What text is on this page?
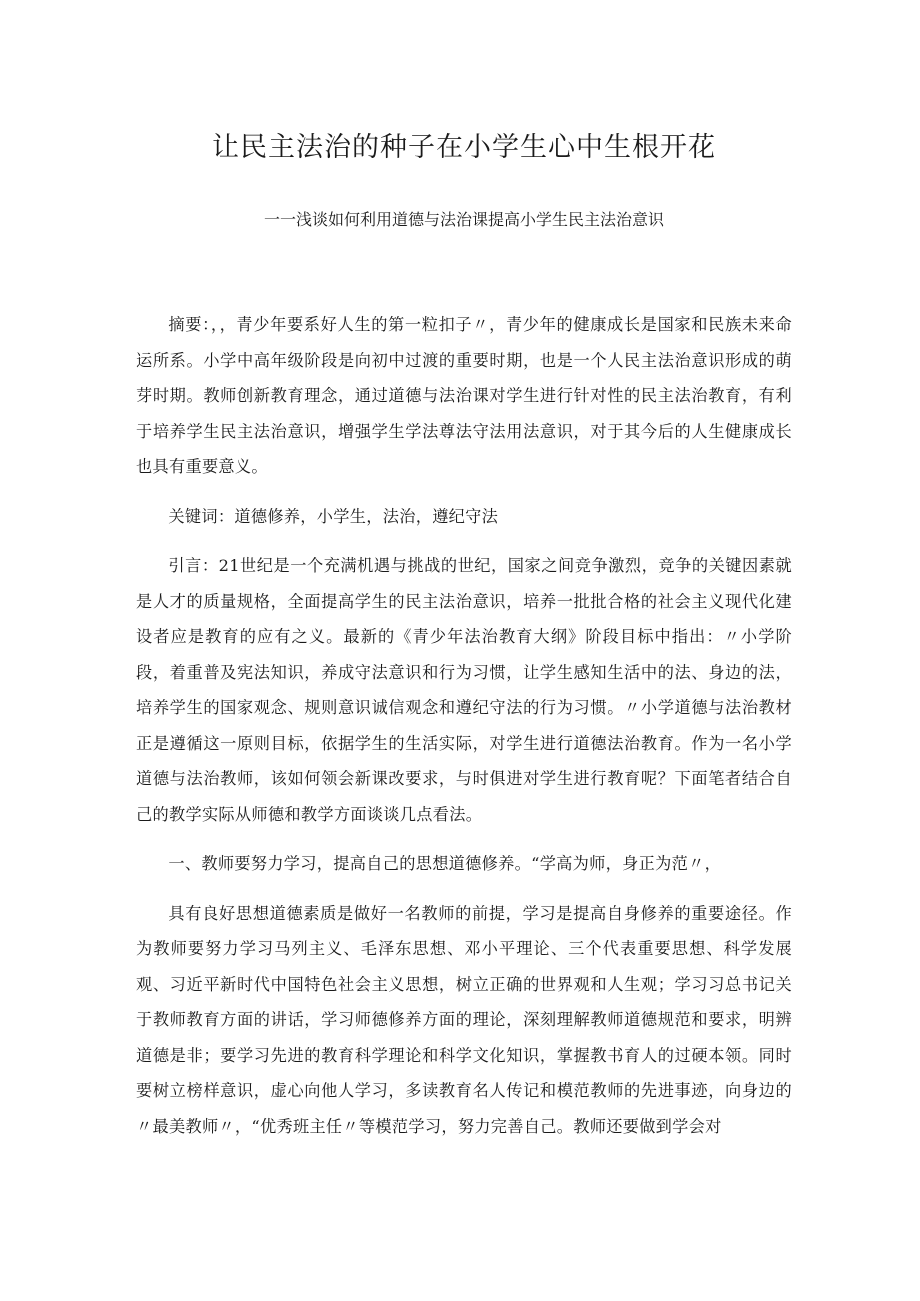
让民主法治的种子在小学生心中生根开花

一一浅谈如何利用道德与法治课提高小学生民主法治意识

摘要：，，青少年要系好人生的第一粒扣子〃，青少年的健康成长是国家和民族未来命运所系。小学中高年级阶段是向初中过渡的重要时期，也是一个人民主法治意识形成的萌芽时期。教师创新教育理念，通过道德与法治课对学生进行针对性的民主法治教育，有利于培养学生民主法治意识，增强学生学法尊法守法用法意识，对于其今后的人生健康成长也具有重要意义。

关键词：道德修养，小学生，法治，遵纪守法

引言：21世纪是一个充满机遇与挑战的世纪，国家之间竞争激烈，竞争的关键因素就是人才的质量规格，全面提高学生的民主法治意识，培养一批批合格的社会主义现代化建设者应是教育的应有之义。最新的《青少年法治教育大纲》阶段目标中指出：〃小学阶段，着重普及宪法知识，养成守法意识和行为习惯，让学生感知生活中的法、身边的法，培养学生的国家观念、规则意识诚信观念和遵纪守法的行为习惯。〃小学道德与法治教材正是遵循这一原则目标，依据学生的生活实际，对学生进行道德法治教育。作为一名小学道德与法治教师，该如何领会新课改要求，与时俱进对学生进行教育呢？下面笔者结合自己的教学实际从师德和教学方面谈谈几点看法。

一、教师要努力学习，提高自己的思想道德修养。“学高为师，身正为范〃，

具有良好思想道德素质是做好一名教师的前提，学习是提高自身修养的重要途径。作为教师要努力学习马列主义、毛泽东思想、邓小平理论、三个代表重要思想、科学发展观、习近平新时代中国特色社会主义思想，树立正确的世界观和人生观；学习习总书记关于教师教育方面的讲话，学习师德修养方面的理论，深刻理解教师道德规范和要求，明辨道德是非；要学习先进的教育科学理论和科学文化知识，掌握教书育人的过硬本领。同时要树立榜样意识，虚心向他人学习，多读教育名人传记和模范教师的先进事迹，向身边的〃最美教师〃，“优秀班主任〃等模范学习，努力完善自己。教师还要做到学会对
